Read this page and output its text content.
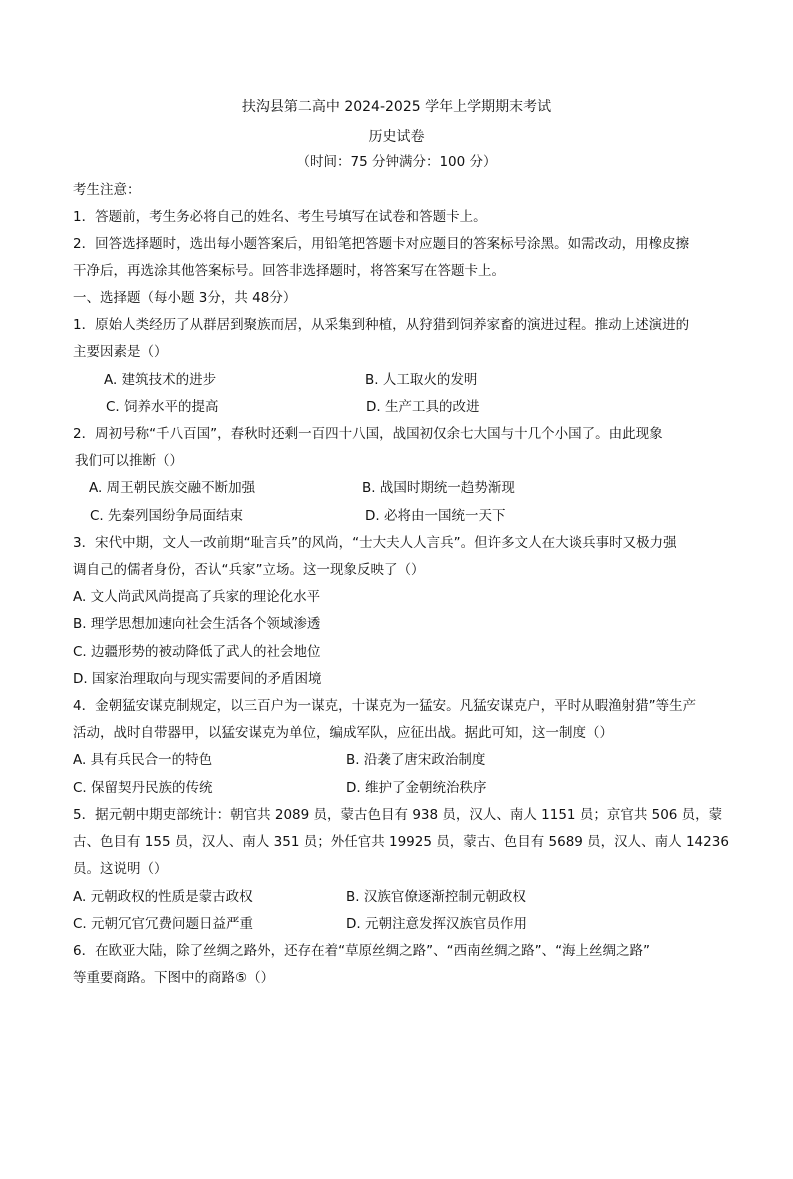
扶沟县第二高中 2024-2025 学年上学期期末考试
历史试卷
（时间：75 分钟满分：100 分）
考生注意：
1．答题前，考生务必将自己的姓名、考生号填写在试卷和答题卡上。
2．回答选择题时，选出每小题答案后，用铅笔把答题卡对应题目的答案标号涂黑。如需改动，用橡皮擦
干净后，再选涂其他答案标号。回答非选择题时，将答案写在答题卡上。
一、选择题（每小题 3分，共 48分）
1．原始人类经历了从群居到聚族而居，从采集到种植，从狩猎到饲养家畜的演进过程。推动上述演进的
主要因素是（）
A. 建筑技术的进步	B. 人工取火的发明
C. 饲养水平的提高	D. 生产工具的改进
2．周初号称“千八百国”，春秋时还剩一百四十八国，战国初仅余七大国与十几个小国了。由此现象
我们可以推断（）
A. 周王朝民族交融不断加强	B. 战国时期统一趋势渐现
C. 先秦列国纷争局面结束	D. 必将由一国统一天下
3．宋代中期，文人一改前期“耻言兵”的风尚，“士大夫人人言兵”。但许多文人在大谈兵事时又极力强
调自己的儒者身份，否认“兵家”立场。这一现象反映了（）
A. 文人尚武风尚提高了兵家的理论化水平
B. 理学思想加速向社会生活各个领域渗透
C. 边疆形势的被动降低了武人的社会地位
D. 国家治理取向与现实需要间的矛盾困境
4．金朝猛安谋克制规定，以三百户为一谋克，十谋克为一猛安。凡猛安谋克户，平时从暇渔射猎”等生产
活动，战时自带器甲，以猛安谋克为单位，编成军队，应征出战。据此可知，这一制度（）
A. 具有兵民合一的特色	B. 沿袭了唐宋政治制度
C. 保留契丹民族的传统	D. 维护了金朝统治秩序
5．据元朝中期吏部统计：朝官共 2089 员，蒙古色目有 938 员，汉人、南人 1151 员；京官共 506 员，蒙
古、色目有 155 员，汉人、南人 351 员；外任官共 19925 员，蒙古、色目有 5689 员，汉人、南人 14236
员。这说明（）
A. 元朝政权的性质是蒙古政权	B. 汉族官僚逐渐控制元朝政权
C. 元朝冗官冗费问题日益严重	D. 元朝注意发挥汉族官员作用
6．在欧亚大陆，除了丝绸之路外，还存在着“草原丝绸之路”、“西南丝绸之路”、“海上丝绸之路”
等重要商路。下图中的商路⑤（）
